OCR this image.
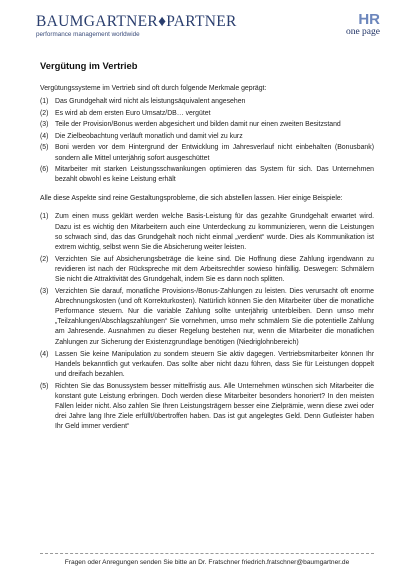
BAUMGARTNER♦PARTNER
performance management worldwide
HR
one page
Vergütung im Vertrieb

Vergütungssysteme im Vertrieb sind oft durch folgende Merkmale geprägt:

(1) Das Grundgehalt wird nicht als leistungsäquivalent angesehen
(2) Es wird ab dem ersten Euro Umsatz/DB… vergütet
(3) Teile der Provision/Bonus werden abgesichert und bilden damit nur einen zweiten Besitzstand
(4) Die Zielbeobachtung verläuft monatlich und damit viel zu kurz
(5) Boni werden vor dem Hintergrund der Entwicklung im Jahresverlauf nicht einbehalten (Bonusbank) sondern alle Mittel unterjährig sofort ausgeschüttet
(6) Mitarbeiter mit starken Leistungsschwankungen optimieren das System für sich. Das Unternehmen bezahlt obwohl es keine Leistung erhält

Alle diese Aspekte sind reine Gestaltungsprobleme, die sich abstellen lassen. Hier einige Beispiele:

(1) Zum einen muss geklärt werden welche Basis-Leistung für das gezahlte Grundgehalt erwartet wird. Dazu ist es wichtig den Mitarbeitern auch eine Unterdeckung zu kommunizieren, wenn die Leistungen so schwach sind, das das Grundgehalt noch nicht einmal „verdient“ wurde. Dies als Kommunikation ist extrem wichtig, selbst wenn Sie die Absicherung weiter leisten.
(2) Verzichten Sie auf Absicherungsbeträge die keine sind. Die Hoffnung diese Zahlung irgendwann zu revidieren ist nach der Rückspreche mit dem Arbeitsrechtler sowieso hinfällig. Deswegen: Schmälern Sie nicht die Attraktivität des Grundgehalt, indem Sie es dann noch splitten.
(3) Verzichten Sie darauf, monatliche Provisions-/Bonus-Zahlungen zu leisten. Dies verursacht oft enorme Abrechnungskosten (und oft Korrekturkosten). Natürlich können Sie den Mitarbeiter über die monatliche Performance steuern. Nur die variable Zahlung sollte unterjährig unterbleiben. Denn umso mehr „Teilzahlungen/Abschlagszahlungen“ Sie vornehmen, umso mehr schmälern Sie die potentielle Zahlung am Jahresende. Ausnahmen zu dieser Regelung bestehen nur, wenn die Mitarbeiter die monatlichen Zahlungen zur Sicherung der Existenzgrundlage benötigen (Niedriglohnbereich)
(4) Lassen Sie keine Manipulation zu sondern steuern Sie aktiv dagegen. Vertriebsmitarbeiter können Ihr Handels bekanntlich gut verkaufen. Das sollte aber nicht dazu führen, dass Sie für Leistungen doppelt und dreifach bezahlen.
(5) Richten Sie das Bonussystem besser mittelfristig aus. Alle Unternehmen wünschen sich Mitarbeiter die konstant gute Leistung erbringen. Doch werden diese Mitarbeiter besonders honoriert? In den meisten Fällen leider nicht. Also zahlen Sie Ihren Leistungsträgern besser eine Zielprämie, wenn diese zwei oder drei Jahre lang Ihre Ziele erfüllt/übertroffen haben. Das ist gut angelegtes Geld. Denn Gutleister haben Ihr Geld immer verdient“
Fragen oder Anregungen senden Sie bitte an Dr. Fratschner friedrich.fratschner@baumgartner.de
